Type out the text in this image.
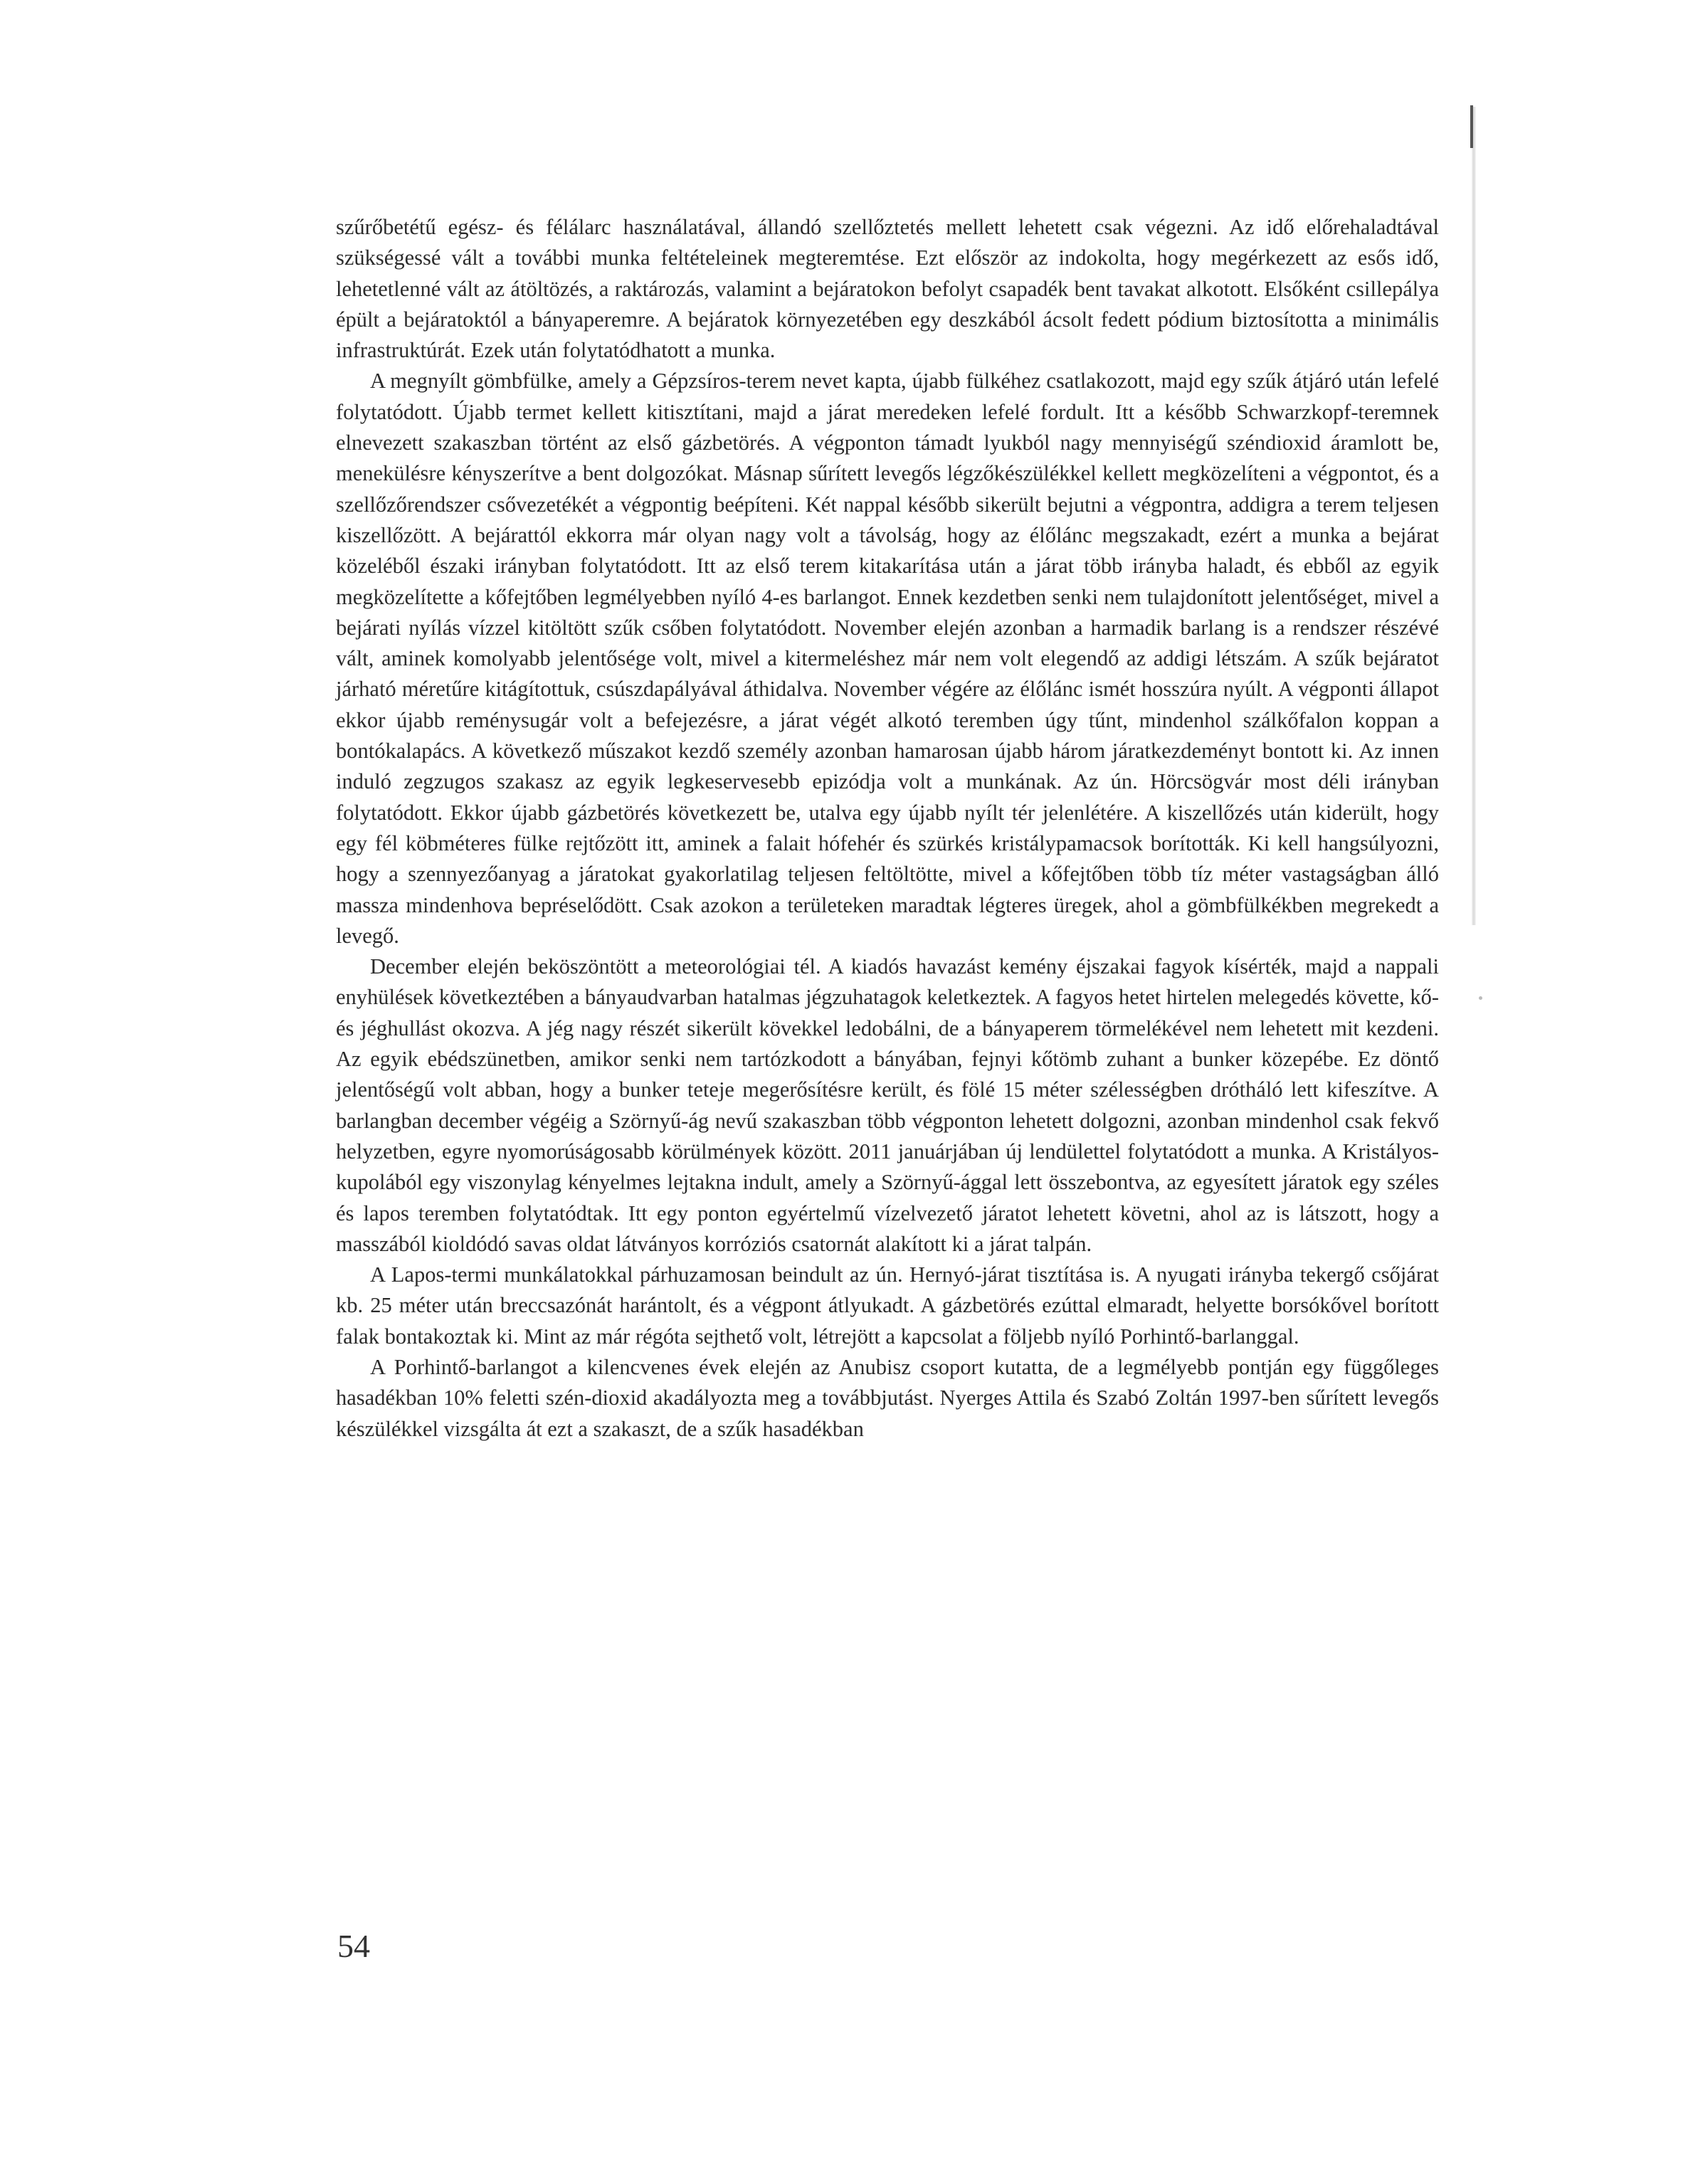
szűrőbetétű egész- és félálarc használatával, állandó szellőztetés mellett lehetett csak végezni. Az idő előrehaladtával szükségessé vált a további munka feltételeinek megteremtése. Ezt először az indokolta, hogy megérkezett az esős idő, lehetetlenné vált az átöltözés, a raktározás, valamint a bejáratokon befolyt csapadék bent tavakat alkotott. Elsőként csillepálya épült a bejáratoktól a bányaperemre. A bejáratok környezetében egy deszkából ácsolt fedett pódium biztosította a minimális infrastruktúrát. Ezek után folytatódhatott a munka.

A megnyílt gömbfülke, amely a Gépzsíros-terem nevet kapta, újabb fülkéhez csatlakozott, majd egy szűk átjáró után lefelé folytatódott. Újabb termet kellett kitisztítani, majd a járat meredeken lefelé fordult. Itt a később Schwarzkopf-teremnek elnevezett szakaszban történt az első gázbetörés. A végponton támadt lyukból nagy mennyiségű széndioxid áramlott be, menekülésre kényszerítve a bent dolgozókat. Másnap sűrített levegős légzőkészülékkel kellett megközelíteni a végpontot, és a szellőzőrendszer csővezetékét a végpontig beépíteni. Két nappal később sikerült bejutni a végpontra, addigra a terem teljesen kiszellőzött. A bejárattól ekkorra már olyan nagy volt a távolság, hogy az élőlánc megszakadt, ezért a munka a bejárat közeléből északi irányban folytatódott. Itt az első terem kitakarítása után a járat több irányba haladt, és ebből az egyik megközelítette a kőfejtőben legmélyebben nyíló 4-es barlangot. Ennek kezdetben senki nem tulajdonított jelentőséget, mivel a bejárati nyílás vízzel kitöltött szűk csőben folytatódott. November elején azonban a harmadik barlang is a rendszer részévé vált, aminek komolyabb jelentősége volt, mivel a kitermeléshez már nem volt elegendő az addigi létszám. A szűk bejáratot járható méretűre kitágítottuk, csúszdapályával áthidalva. November végére az élőlánc ismét hosszúra nyúlt. A végponti állapot ekkor újabb reménysugár volt a befejezésre, a járat végét alkotó teremben úgy tűnt, mindenhol szálkőfalon koppan a bontókalapács. A következő műszakot kezdő személy azonban hamarosan újabb három járatkezdeményt bontott ki. Az innen induló zegzugos szakasz az egyik legkeservesebb epizódja volt a munkának. Az ún. Hörcsögvár most déli irányban folytatódott. Ekkor újabb gázbetörés következett be, utalva egy újabb nyílt tér jelenlétére. A kiszellőzés után kiderült, hogy egy fél köbméteres fülke rejtőzött itt, aminek a falait hófehér és szürkés kristálypamacsok borították. Ki kell hangsúlyozni, hogy a szennyezőanyag a járatokat gyakorlatilag teljesen feltöltötte, mivel a kőfejtőben több tíz méter vastagságban álló massza mindenhova bepréselődött. Csak azokon a területeken maradtak légteres üregek, ahol a gömbfülkékben megrekedt a levegő.

December elején beköszöntött a meteorológiai tél. A kiadós havazást kemény éjszakai fagyok kísérték, majd a nappali enyhülések következtében a bányaudvarban hatalmas jégzuhatagok keletkeztek. A fagyos hetet hirtelen melegedés követte, kő- és jéghullást okozva. A jég nagy részét sikerült kövekkel ledobálni, de a bányaperem törmelékével nem lehetett mit kezdeni. Az egyik ebédszünetben, amikor senki nem tartózkodott a bányában, fejnyi kőtömb zuhant a bunker közepébe. Ez döntő jelentőségű volt abban, hogy a bunker teteje megerősítésre került, és fölé 15 méter szélességben drótháló lett kifeszítve. A barlangban december végéig a Szörnyű-ág nevű szakaszban több végponton lehetett dolgozni, azonban mindenhol csak fekvő helyzetben, egyre nyomorúságosabb körülmények között. 2011 januárjában új lendülettel folytatódott a munka. A Kristályos-kupolából egy viszonylag kényelmes lejtakna indult, amely a Szörnyű-ággal lett összebontva, az egyesített járatok egy széles és lapos teremben folytatódtak. Itt egy ponton egyértelmű vízelvezető járatot lehetett követni, ahol az is látszott, hogy a masszából kioldódó savas oldat látványos korróziós csatornát alakított ki a járat talpán.

A Lapos-termi munkálatokkal párhuzamosan beindult az ún. Hernyó-járat tisztítása is. A nyugati irányba tekergő csőjárat kb. 25 méter után breccsazónát harántolt, és a végpont átlyukadt. A gázbetörés ezúttal elmaradt, helyette borsókővel borított falak bontakoztak ki. Mint az már régóta sejthető volt, létrejött a kapcsolat a följebb nyíló Porhintő-barlanggal.

A Porhintő-barlangot a kilencvenes évek elején az Anubisz csoport kutatta, de a legmélyebb pontján egy függőleges hasadékban 10% feletti szén-dioxid akadályozta meg a továbbjutást. Nyerges Attila és Szabó Zoltán 1997-ben sűrített levegős készülékkel vizsgálta át ezt a szakaszt, de a szűk hasadékban

54
